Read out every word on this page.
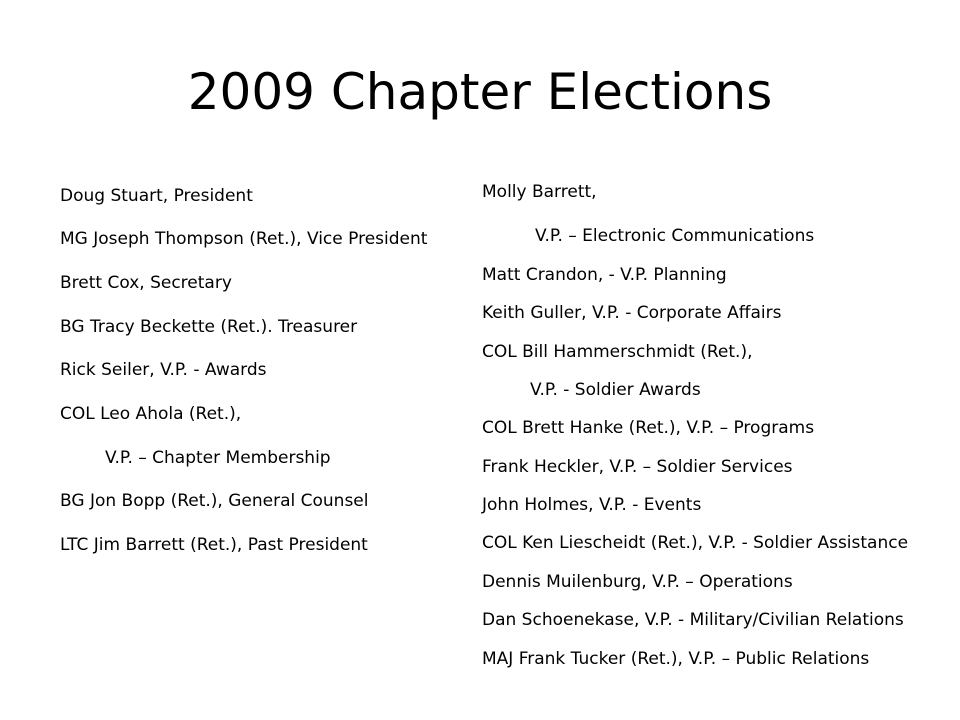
2009 Chapter Elections
Doug Stuart, President
MG Joseph Thompson (Ret.), Vice President
Brett Cox, Secretary
BG Tracy Beckette (Ret.). Treasurer
Rick Seiler, V.P. - Awards
COL Leo Ahola (Ret.),
V.P. – Chapter Membership
BG Jon Bopp (Ret.), General Counsel
LTC Jim Barrett (Ret.), Past President
Molly Barrett,
V.P. – Electronic Communications
Matt Crandon, - V.P. Planning
Keith Guller, V.P. - Corporate Affairs
COL Bill Hammerschmidt (Ret.),
V.P. - Soldier Awards
COL Brett Hanke (Ret.), V.P. – Programs
Frank Heckler, V.P. – Soldier Services
John Holmes, V.P. - Events
COL Ken Liescheidt (Ret.), V.P. - Soldier Assistance
Dennis Muilenburg, V.P. – Operations
Dan Schoenekase, V.P. - Military/Civilian Relations
MAJ Frank Tucker (Ret.), V.P. – Public Relations
